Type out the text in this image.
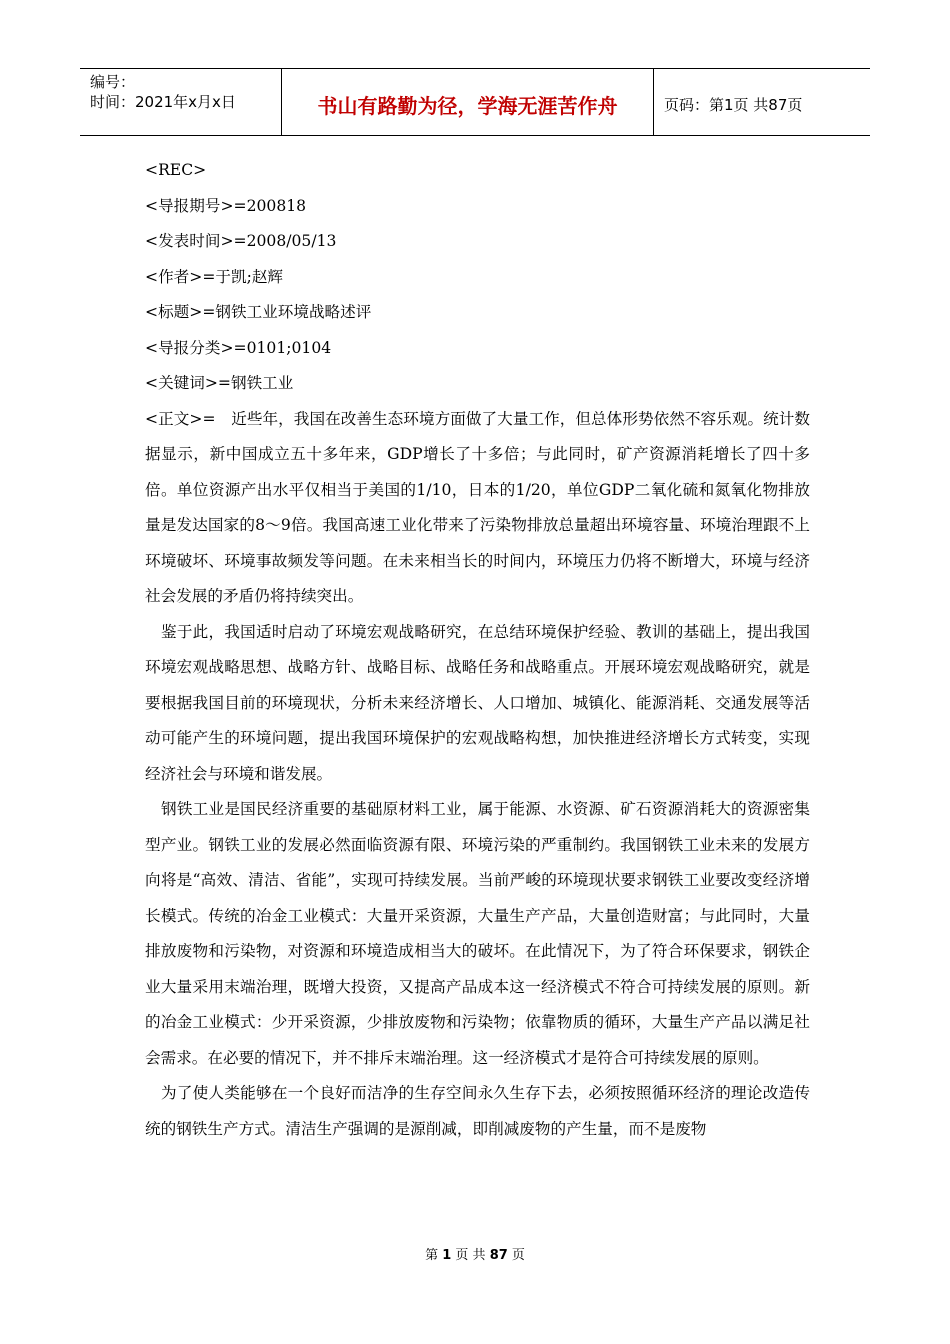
编号：
时间：2021年x月x日	书山有路勤为径，学海无涯苦作舟	页码：第1页 共87页
<REC>
<导报期号>=200818
<发表时间>=2008/05/13
<作者>=于凯;赵辉
<标题>=钢铁工业环境战略述评
<导报分类>=0101;0104
<关键词>=钢铁工业

<正文>=　近些年，我国在改善生态环境方面做了大量工作，但总体形势依然不容乐观。统计数据显示，新中国成立五十多年来，GDP增长了十多倍；与此同时，矿产资源消耗增长了四十多倍。单位资源产出水平仅相当于美国的1/10，日本的1/20，单位GDP二氧化硫和氮氧化物排放量是发达国家的8～9倍。我国高速工业化带来了污染物排放总量超出环境容量、环境治理跟不上环境破坏、环境事故频发等问题。在未来相当长的时间内，环境压力仍将不断增大，环境与经济社会发展的矛盾仍将持续突出。

鉴于此，我国适时启动了环境宏观战略研究，在总结环境保护经验、教训的基础上，提出我国环境宏观战略思想、战略方针、战略目标、战略任务和战略重点。开展环境宏观战略研究，就是要根据我国目前的环境现状，分析未来经济增长、人口增加、城镇化、能源消耗、交通发展等活动可能产生的环境问题，提出我国环境保护的宏观战略构想，加快推进经济增长方式转变，实现经济社会与环境和谐发展。

钢铁工业是国民经济重要的基础原材料工业，属于能源、水资源、矿石资源消耗大的资源密集型产业。钢铁工业的发展必然面临资源有限、环境污染的严重制约。我国钢铁工业未来的发展方向将是“高效、清洁、省能”，实现可持续发展。当前严峻的环境现状要求钢铁工业要改变经济增长模式。传统的冶金工业模式：大量开采资源，大量生产产品，大量创造财富；与此同时，大量排放废物和污染物，对资源和环境造成相当大的破坏。在此情况下，为了符合环保要求，钢铁企业大量采用末端治理，既增大投资，又提高产品成本这一经济模式不符合可持续发展的原则。新的冶金工业模式：少开采资源，少排放废物和污染物；依靠物质的循环，大量生产产品以满足社会需求。在必要的情况下，并不排斥末端治理。这一经济模式才是符合可持续发展的原则。

为了使人类能够在一个良好而洁净的生存空间永久生存下去，必须按照循环经济的理论改造传统的钢铁生产方式。清洁生产强调的是源削减，即削减废物的产生量，而不是废物

第 1 页 共 87 页
